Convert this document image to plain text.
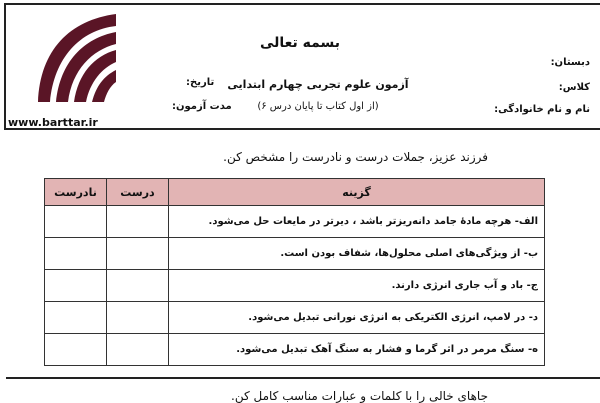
www.barttar.ir
بسمه تعالی
آزمون علوم تجربی چهارم ابتدایی
(از اول کتاب تا پایان درس ۶)
دبستان:
کلاس:
نام و نام خانوادگی:
تاریخ:
مدت آزمون:
فرزند عزیز، جملات درست و نادرست را مشخص کن.
گزینه	درست	نادرست
الف- هرچه مادهٔ جامد دانه‌ریزتر باشد ، دیرتر در مایعات حل می‌شود.		
ب- از ویژگی‌های اصلی محلول‌ها، شفاف بودن است.		
ج- باد و آب جاری انرژی دارند.		
د- در لامپ، انرژی الکتریکی به انرژی نورانی تبدیل می‌شود.		
ه- سنگ مرمر در اثر گرما و فشار به سنگ آهک تبدیل می‌شود.		
جاهای خالی را با کلمات و عبارات مناسب کامل کن.
